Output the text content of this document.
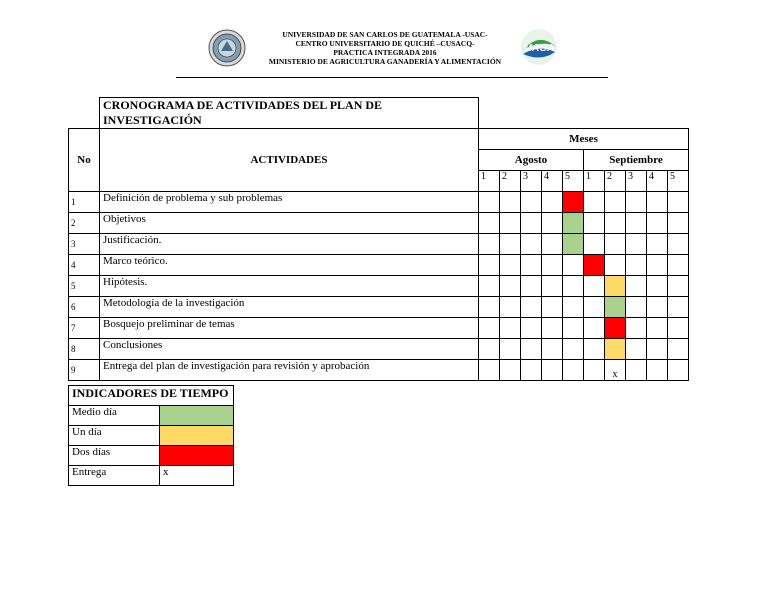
UNIVERSIDAD DE SAN CARLOS DE GUATEMALA -USAC-
CENTRO UNIVERSITARIO DE QUICHÉ –CUSACQ-
PRACTICA INTEGRADA 2016
MINISTERIO DE AGRICULTURA GANADERÍA Y ALIMENTACIÓN
MAGA
	CRONOGRAMA DE ACTIVIDADES DEL PLAN DE INVESTIGACIÓN										
No	ACTIVIDADES	Meses									
		Agosto					Septiembre				
		1	2	3	4	5	1	2	3	4	5
1	Definición de problema y sub problemas										
2	Objetivos										
3	Justificación.										
4	Marco teórico.										
5	Hipótesis.										
6	Metodología de la investigación										
7	Bosquejo preliminar de temas										
8	Conclusiones										
9	Entrega del plan de investigación para revisión y aprobación							x			
INDICADORES DE TIEMPO	
Medio día	
Un día	
Dos días	
Entrega	x
